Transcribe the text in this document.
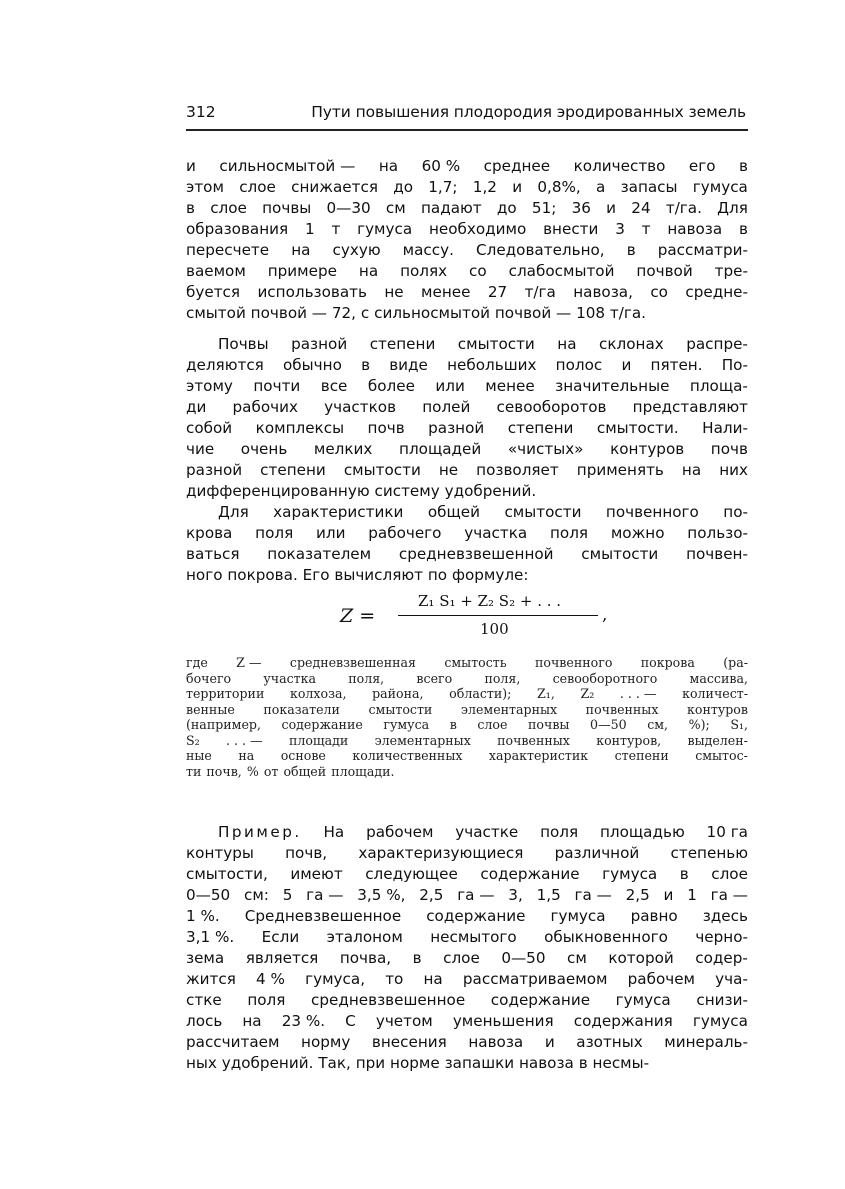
312	Пути повышения плодородия эродированных земель
и сильносмытой — на 60 % среднее количество его в
этом слое снижается до 1,7; 1,2 и 0,8%, а запасы гумуса
в слое почвы 0—30 см падают до 51; 36 и 24 т/га. Для
образования 1 т гумуса необходимо внести 3 т навоза в
пересчете на сухую массу. Следовательно, в рассматри-
ваемом примере на полях со слабосмытой почвой тре-
буется использовать не менее 27 т/га навоза, со средне-
смытой почвой — 72, с сильносмытой почвой — 108 т/га.
Почвы разной степени смытости на склонах распре-
деляются обычно в виде небольших полос и пятен. По-
этому почти все более или менее значительные площа-
ди рабочих участков полей севооборотов представляют
собой комплексы почв разной степени смытости. Нали-
чие очень мелких площадей «чистых» контуров почв
разной степени смытости не позволяет применять на них
дифференцированную систему удобрений.
Для характеристики общей смытости почвенного по-
крова поля или рабочего участка поля можно пользо-
ваться показателем средневзвешенной смытости почвен-
ного покрова. Его вычисляют по формуле:
Z =
Z₁ S₁ + Z₂ S₂ + . . .
,
100
где Z — средневзвешенная смытость почвенного покрова (ра-
бочего	участка	поля,	всего	поля,	севооборотного	массива,
территории колхоза, района, области); Z₁, Z₂ . . . — количест-
венные показатели смытости элементарных почвенных контуров
(например, содержание гумуса в слое почвы 0—50 см, %); S₁,
S₂ . . . — площади элементарных почвенных контуров, выделен-
ные на основе количественных характеристик степени смытос-
ти почв, % от общей площади.
Пример. На рабочем участке поля площадью 10 га
контуры почв, характеризующиеся различной степенью
смытости, имеют следующее содержание гумуса в слое
0—50 см: 5 га — 3,5 %, 2,5 га — 3, 1,5 га — 2,5 и 1 га —
1 %. Средневзвешенное содержание гумуса равно здесь
3,1 %. Если эталоном несмытого обыкновенного черно-
зема является почва, в слое 0—50 см которой содер-
жится 4 % гумуса, то на рассматриваемом рабочем уча-
стке поля средневзвешенное содержание гумуса снизи-
лось на 23 %. С учетом уменьшения содержания гумуса
рассчитаем норму внесения навоза и азотных минераль-
ных удобрений. Так, при норме запашки навоза в несмы-
